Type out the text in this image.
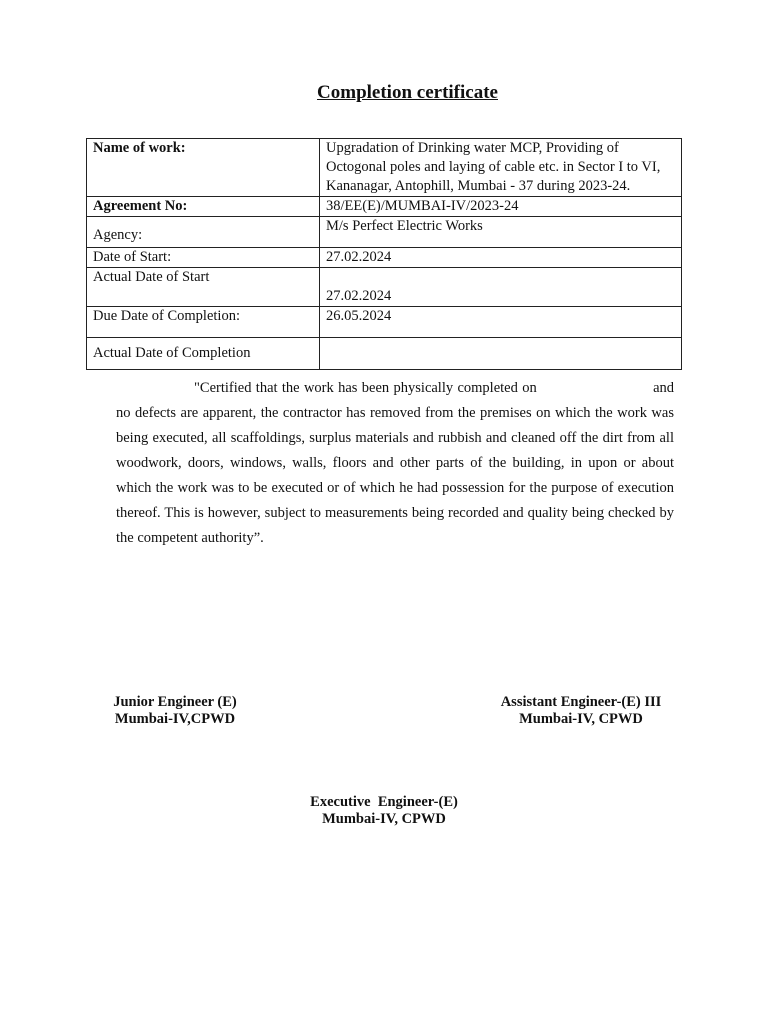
Completion certificate
Name of work:	Upgradation of Drinking water MCP, Providing of
Octogonal poles and laying of cable etc. in Sector I to VI,
Kananagar, Antophill, Mumbai - 37 during 2023-24.

Agreement No:	38/EE(E)/MUMBAI-IV/2023-24
Agency:	M/s Perfect Electric Works
Date of Start:	27.02.2024
Actual Date of Start	27.02.2024
Due Date of Completion:	26.05.2024
Actual Date of Completion	
"Certified that the work has been physically completed on	and no defects are apparent, the contractor has removed from the premises on which the work was being executed, all scaffoldings, surplus materials and rubbish and cleaned off the dirt from all woodwork, doors, windows, walls, floors and other parts of the building, in upon or about which the work was to be executed or of which he had possession for the purpose of execution thereof. This is however, subject to measurements being recorded and quality being checked by the competent authority”.
Junior Engineer (E)
Mumbai-IV,CPWD
Assistant Engineer-(E) III
Mumbai-IV, CPWD
Executive  Engineer-(E)
Mumbai-IV, CPWD
